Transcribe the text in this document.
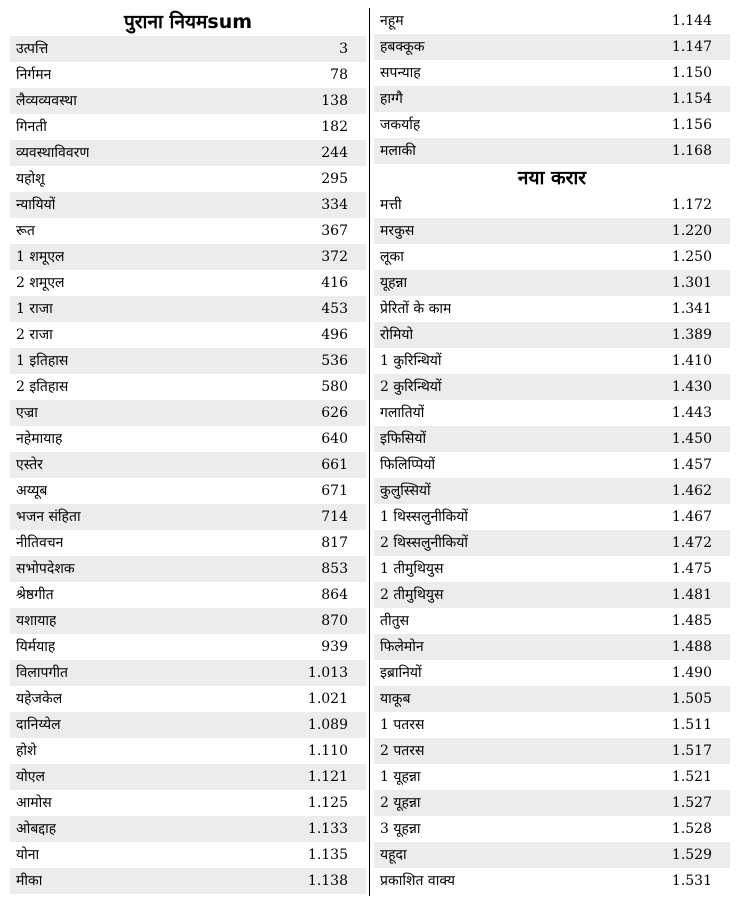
पुराना नियमsum
उत्पत्ति	3
निर्गमन	78
लैव्यव्यवस्था	138
गिनती	182
व्यवस्थाविवरण	244
यहोशू	295
न्यायियों	334
रूत	367
1 शमूएल	372
2 शमूएल	416
1 राजा	453
2 राजा	496
1 इतिहास	536
2 इतिहास	580
एज्रा	626
नहेमायाह	640
एस्तेर	661
अय्यूब	671
भजन संहिता	714
नीतिवचन	817
सभोपदेशक	853
श्रेष्ठगीत	864
यशायाह	870
यिर्मयाह	939
विलापगीत	1.013
यहेजकेल	1.021
दानिय्येल	1.089
होशे	1.110
योएल	1.121
आमोस	1.125
ओबद्दाह	1.133
योना	1.135
मीका	1.138
नहूम	1.144
हबक्कूक	1.147
सपन्याह	1.150
हाग्गै	1.154
जकर्याह	1.156
मलाकी	1.168
नया करार
मत्ती	1.172
मरकुस	1.220
लूका	1.250
यूहन्ना	1.301
प्रेरितों के काम	1.341
रोमियो	1.389
1 कुरिन्थियों	1.410
2 कुरिन्थियों	1.430
गलातियों	1.443
इफिसियों	1.450
फिलिप्पियों	1.457
कुलुस्सियों	1.462
1 थिस्सलुनीकियों	1.467
2 थिस्सलुनीकियों	1.472
1 तीमुथियुस	1.475
2 तीमुथियुस	1.481
तीतुस	1.485
फिलेमोन	1.488
इब्रानियों	1.490
याकूब	1.505
1 पतरस	1.511
2 पतरस	1.517
1 यूहन्ना	1.521
2 यूहन्ना	1.527
3 यूहन्ना	1.528
यहूदा	1.529
प्रकाशित वाक्य	1.531
